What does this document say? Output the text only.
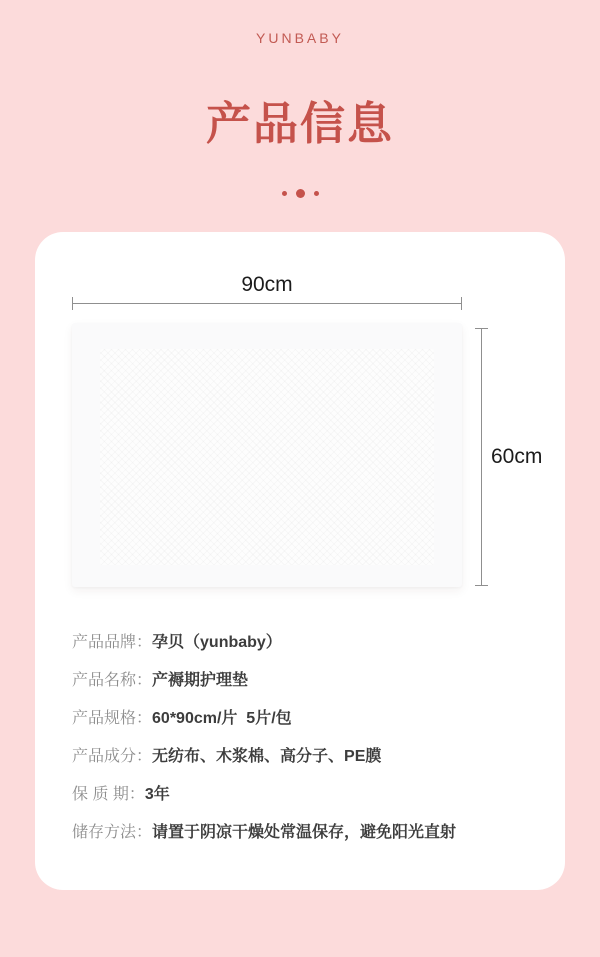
YUNBABY
产品信息
90cm
60cm
产品品牌： 孕贝（yunbaby）
产品名称： 产褥期护理垫
产品规格： 60*90cm/片  5片/包
产品成分： 无纺布、木浆棉、高分子、PE膜
保 质 期： 3年
储存方法： 请置于阴凉干燥处常温保存，避免阳光直射
